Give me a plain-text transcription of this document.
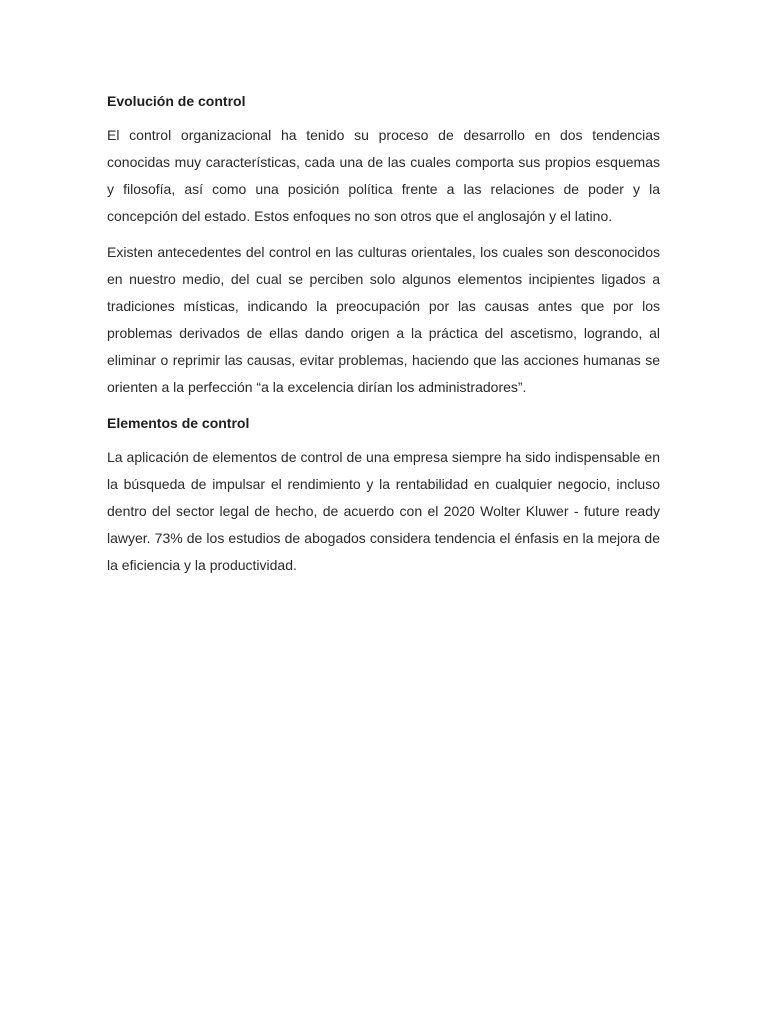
Evolución de control

El control organizacional ha tenido su proceso de desarrollo en dos tendencias conocidas muy características, cada una de las cuales comporta sus propios esquemas y filosofía, así como una posición política frente a las relaciones de poder y la concepción del estado. Estos enfoques no son otros que el anglosajón y el latino.

Existen antecedentes del control en las culturas orientales, los cuales son desconocidos en nuestro medio, del cual se perciben solo algunos elementos incipientes ligados a tradiciones místicas, indicando la preocupación por las causas antes que por los problemas derivados de ellas dando origen a la práctica del ascetismo, logrando, al eliminar o reprimir las causas, evitar problemas, haciendo que las acciones humanas se orienten a la perfección “a la excelencia dirían los administradores”.

Elementos de control

La aplicación de elementos de control de una empresa siempre ha sido indispensable en la búsqueda de impulsar el rendimiento y la rentabilidad en cualquier negocio, incluso dentro del sector legal de hecho, de acuerdo con el 2020 Wolter Kluwer - future ready lawyer. 73% de los estudios de abogados considera tendencia el énfasis en la mejora de la eficiencia y la productividad.
